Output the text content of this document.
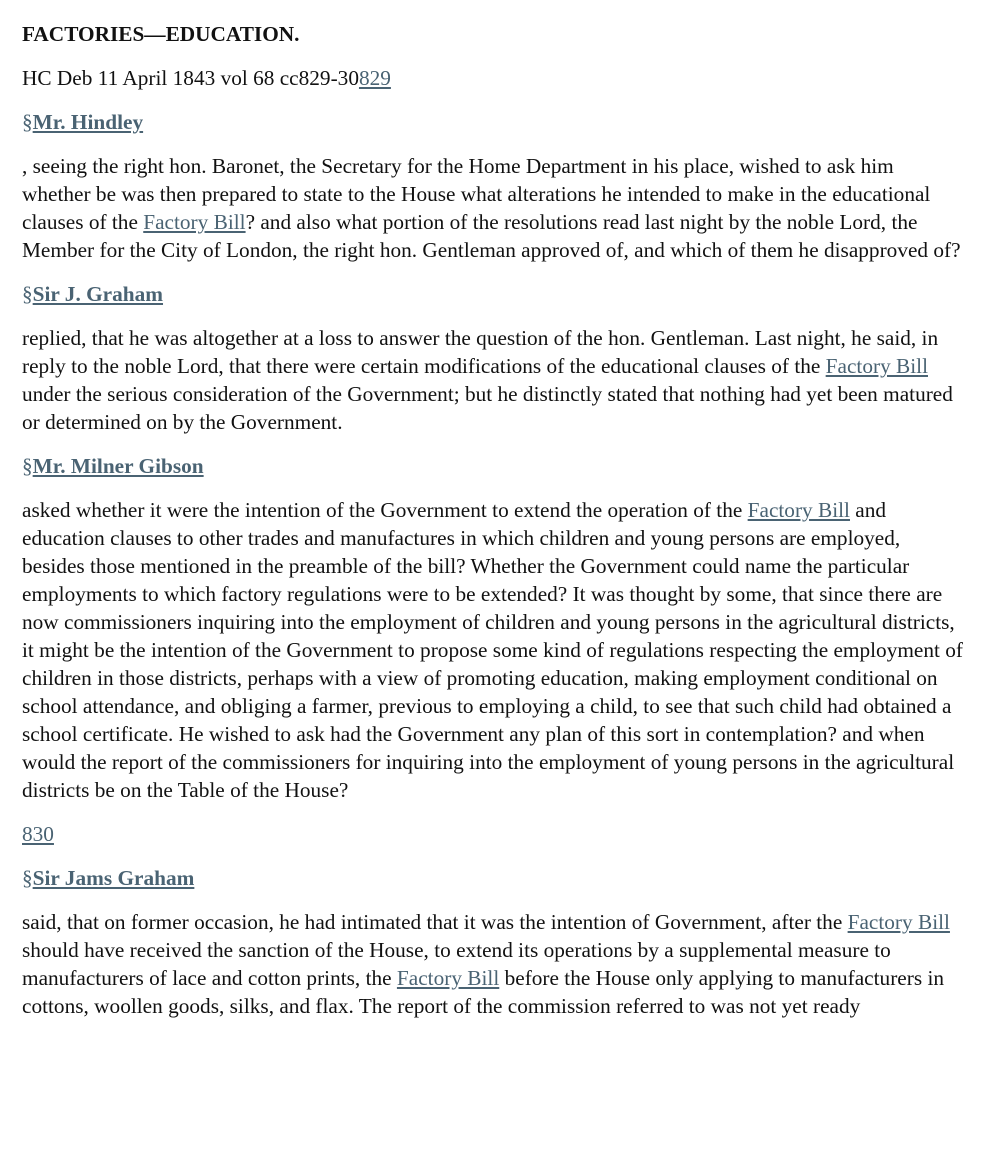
FACTORIES—EDUCATION.
HC Deb 11 April 1843 vol 68 cc829-30829
§Mr. Hindley
, seeing the right hon. Baronet, the Secretary for the Home Department in his place, wished to ask him whether be was then prepared to state to the House what alterations he intended to make in the educational clauses of the Factory Bill? and also what portion of the resolutions read last night by the noble Lord, the Member for the City of London, the right hon. Gentleman approved of, and which of them he disapproved of?
§Sir J. Graham
replied, that he was altogether at a loss to answer the question of the hon. Gentleman. Last night, he said, in reply to the noble Lord, that there were certain modifications of the educational clauses of the Factory Bill under the serious consideration of the Government; but he distinctly stated that nothing had yet been matured or determined on by the Government.
§Mr. Milner Gibson
asked whether it were the intention of the Government to extend the operation of the Factory Bill and education clauses to other trades and manufactures in which children and young persons are employed, besides those mentioned in the preamble of the bill? Whether the Government could name the particular employments to which factory regulations were to be extended? It was thought by some, that since there are now commissioners inquiring into the employment of children and young persons in the agricultural districts, it might be the intention of the Government to propose some kind of regulations respecting the employment of children in those districts, perhaps with a view of promoting education, making employment conditional on school attendance, and obliging a farmer, previous to employing a child, to see that such child had obtained a school certificate. He wished to ask had the Government any plan of this sort in contemplation? and when would the report of the commissioners for inquiring into the employment of young persons in the agricultural districts be on the Table of the House?
830
§Sir Jams Graham
said, that on former occasion, he had intimated that it was the intention of Government, after the Factory Bill should have received the sanction of the House, to extend its operations by a supplemental measure to manufacturers of lace and cotton prints, the Factory Bill before the House only applying to manufacturers in cottons, woollen goods, silks, and flax. The report of the commission referred to was not yet ready
